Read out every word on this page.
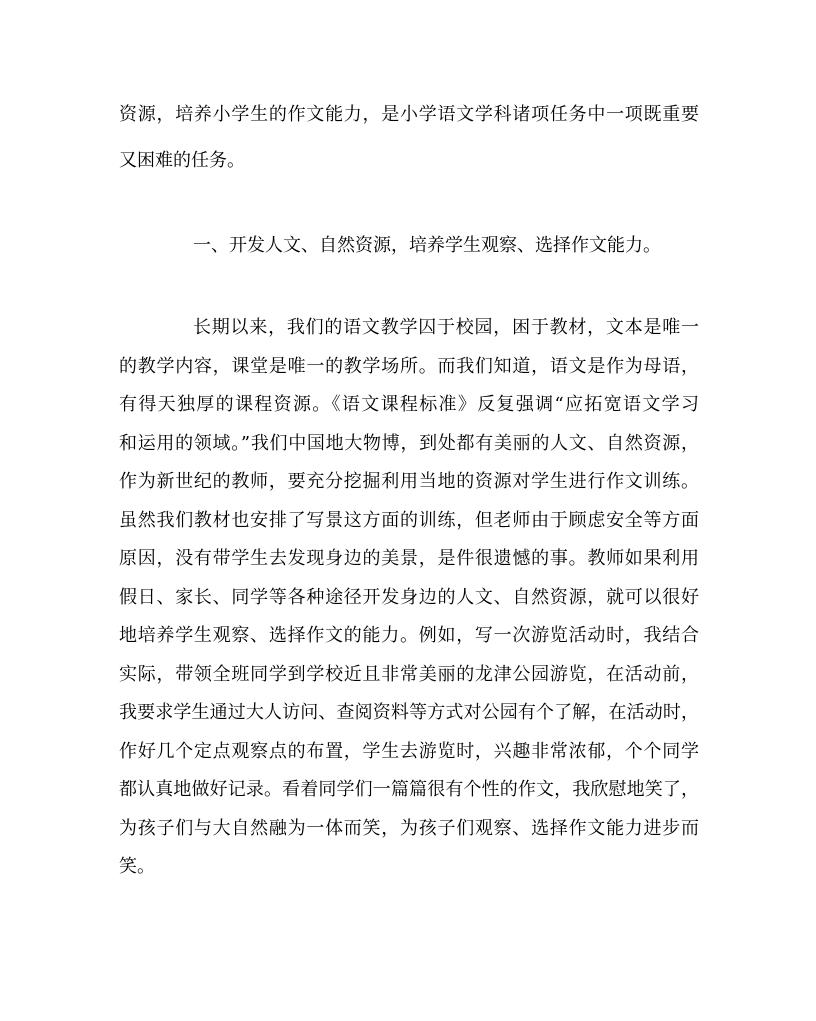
资源，培养小学生的作文能力，是小学语文学科诸项任务中一项既重要
又困难的任务。
一、开发人文、自然资源，培养学生观察、选择作文能力。
长期以来，我们的语文教学囚于校园，困于教材，文本是唯一
的教学内容，课堂是唯一的教学场所。而我们知道，语文是作为母语，
有得天独厚的课程资源。《语文课程标准》反复强调“应拓宽语文学习
和运用的领域。”我们中国地大物博，到处都有美丽的人文、自然资源，
作为新世纪的教师，要充分挖掘利用当地的资源对学生进行作文训练。
虽然我们教材也安排了写景这方面的训练，但老师由于顾虑安全等方面
原因，没有带学生去发现身边的美景，是件很遗憾的事。教师如果利用
假日、家长、同学等各种途径开发身边的人文、自然资源，就可以很好
地培养学生观察、选择作文的能力。例如，写一次游览活动时，我结合
实际，带领全班同学到学校近且非常美丽的龙津公园游览，在活动前，
我要求学生通过大人访问、查阅资料等方式对公园有个了解，在活动时，
作好几个定点观察点的布置，学生去游览时，兴趣非常浓郁，个个同学
都认真地做好记录。看着同学们一篇篇很有个性的作文，我欣慰地笑了，
为孩子们与大自然融为一体而笑，为孩子们观察、选择作文能力进步而
笑。
